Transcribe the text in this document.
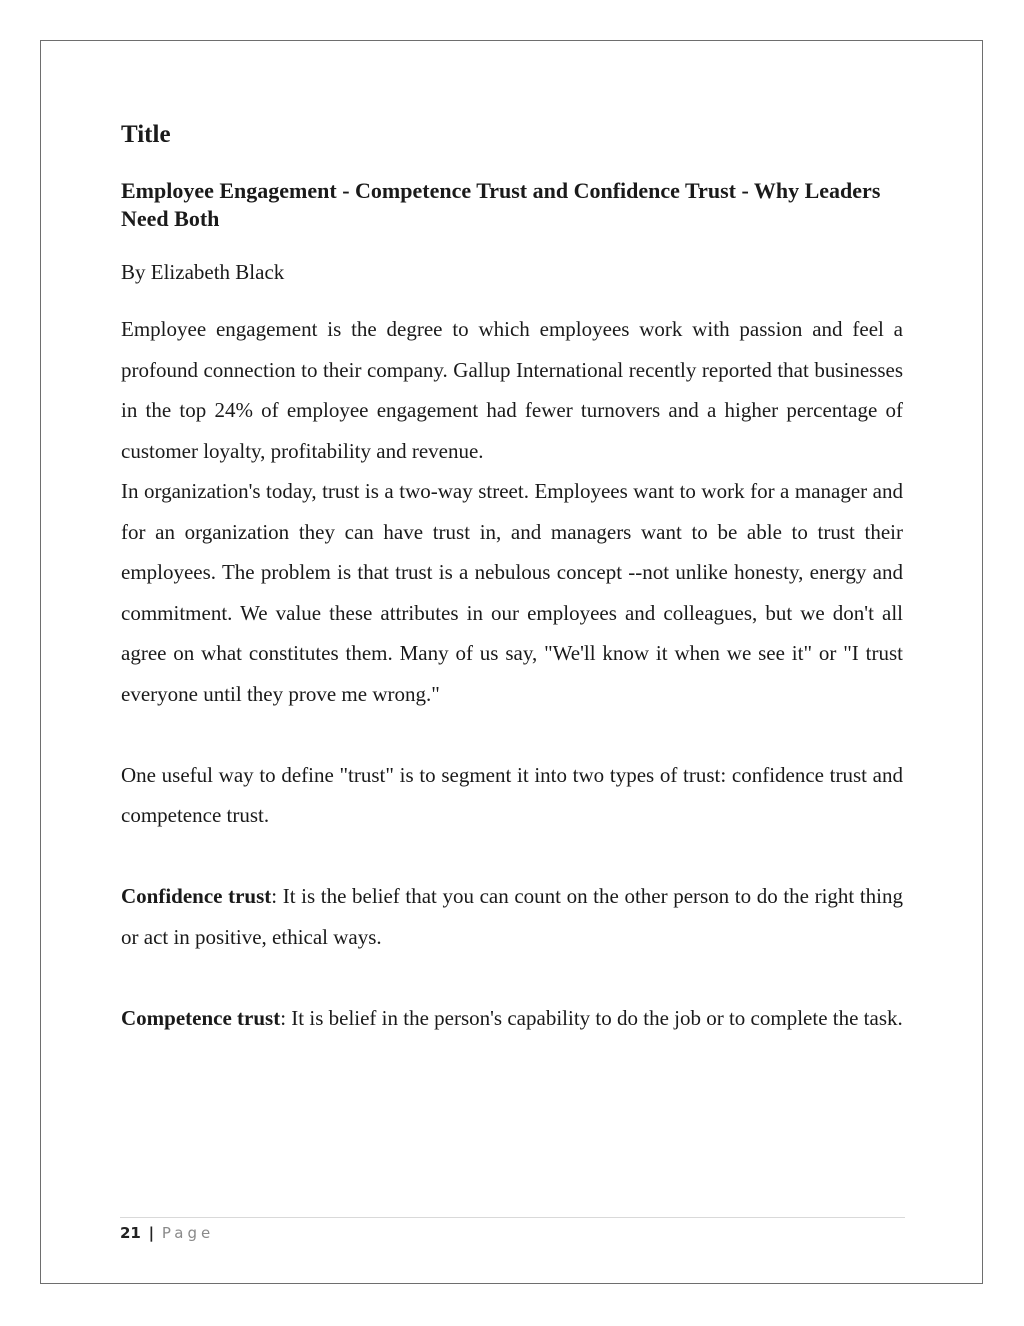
Title
Employee Engagement - Competence Trust and Confidence Trust - Why Leaders Need Both

By Elizabeth Black

Employee engagement is the degree to which employees work with passion and feel a profound connection to their company. Gallup International recently reported that businesses in the top 24% of employee engagement had fewer turnovers and a higher percentage of customer loyalty, profitability and revenue.

In organization's today, trust is a two-way street. Employees want to work for a manager and for an organization they can have trust in, and managers want to be able to trust their employees. The problem is that trust is a nebulous concept --not unlike honesty, energy and commitment. We value these attributes in our employees and colleagues, but we don't all agree on what constitutes them. Many of us say, "We'll know it when we see it" or "I trust everyone until they prove me wrong."

One useful way to define "trust" is to segment it into two types of trust: confidence trust and competence trust.

Confidence trust: It is the belief that you can count on the other person to do the right thing or act in positive, ethical ways.

Competence trust: It is belief in the person's capability to do the job or to complete the task.

21 | Page
